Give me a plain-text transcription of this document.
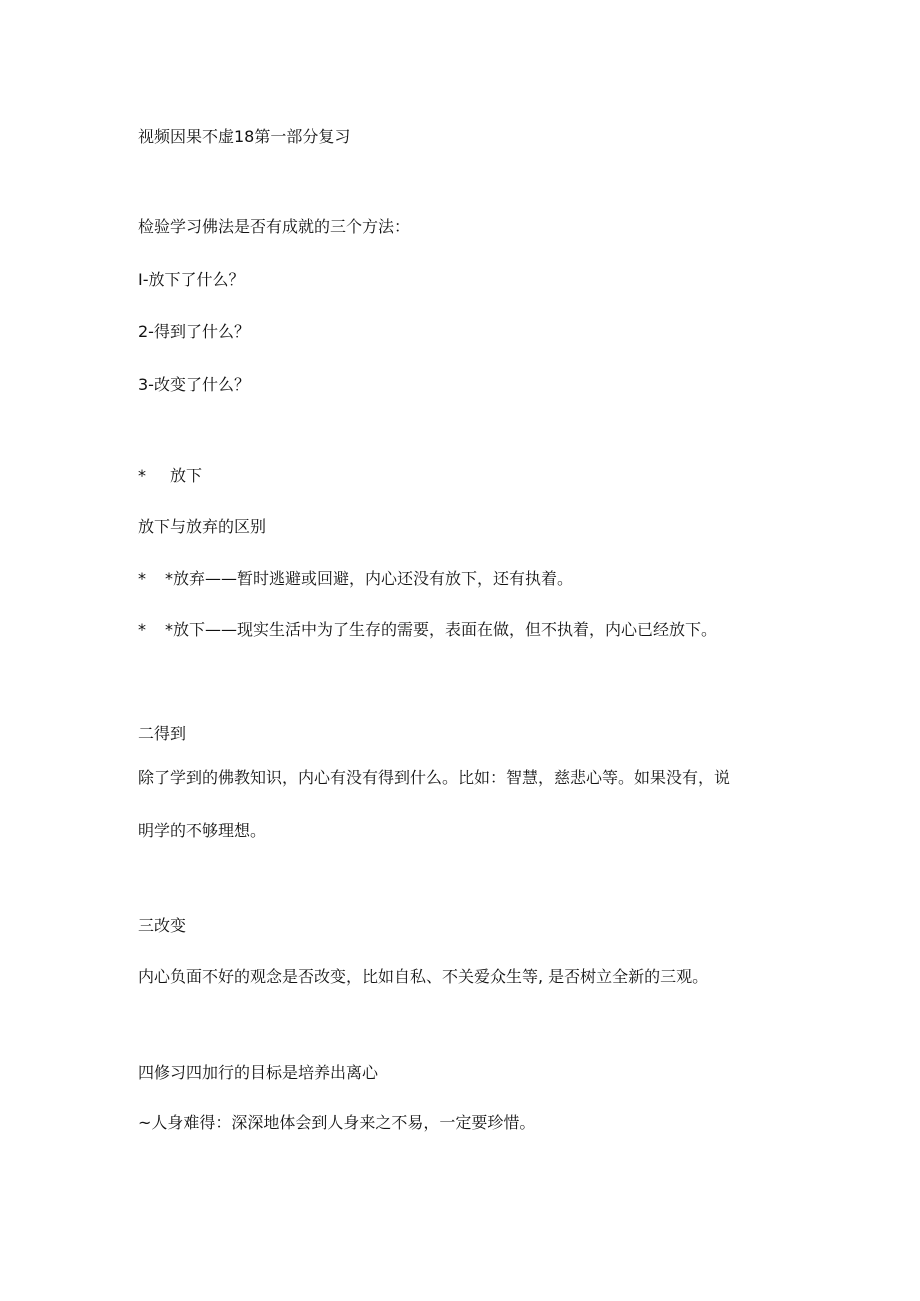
视频因果不虚18第一部分复习
检验学习佛法是否有成就的三个方法：
I-放下了什么？
2-得到了什么？
3-改变了什么？
* 放下
放下与放弃的区别
* *放弃——暂时逃避或回避，内心还没有放下，还有执着。
* *放下——现实生活中为了生存的需要，表面在做，但不执着，内心已经放下。
二得到
除了学到的佛教知识，内心有没有得到什么。比如：智慧，慈悲心等。如果没有，说
明学的不够理想。
三改变
内心负面不好的观念是否改变，比如自私、不关爱众生等, 是否树立全新的三观。
四修习四加行的目标是培养出离心
~人身难得：深深地体会到人身来之不易，一定要珍惜。
